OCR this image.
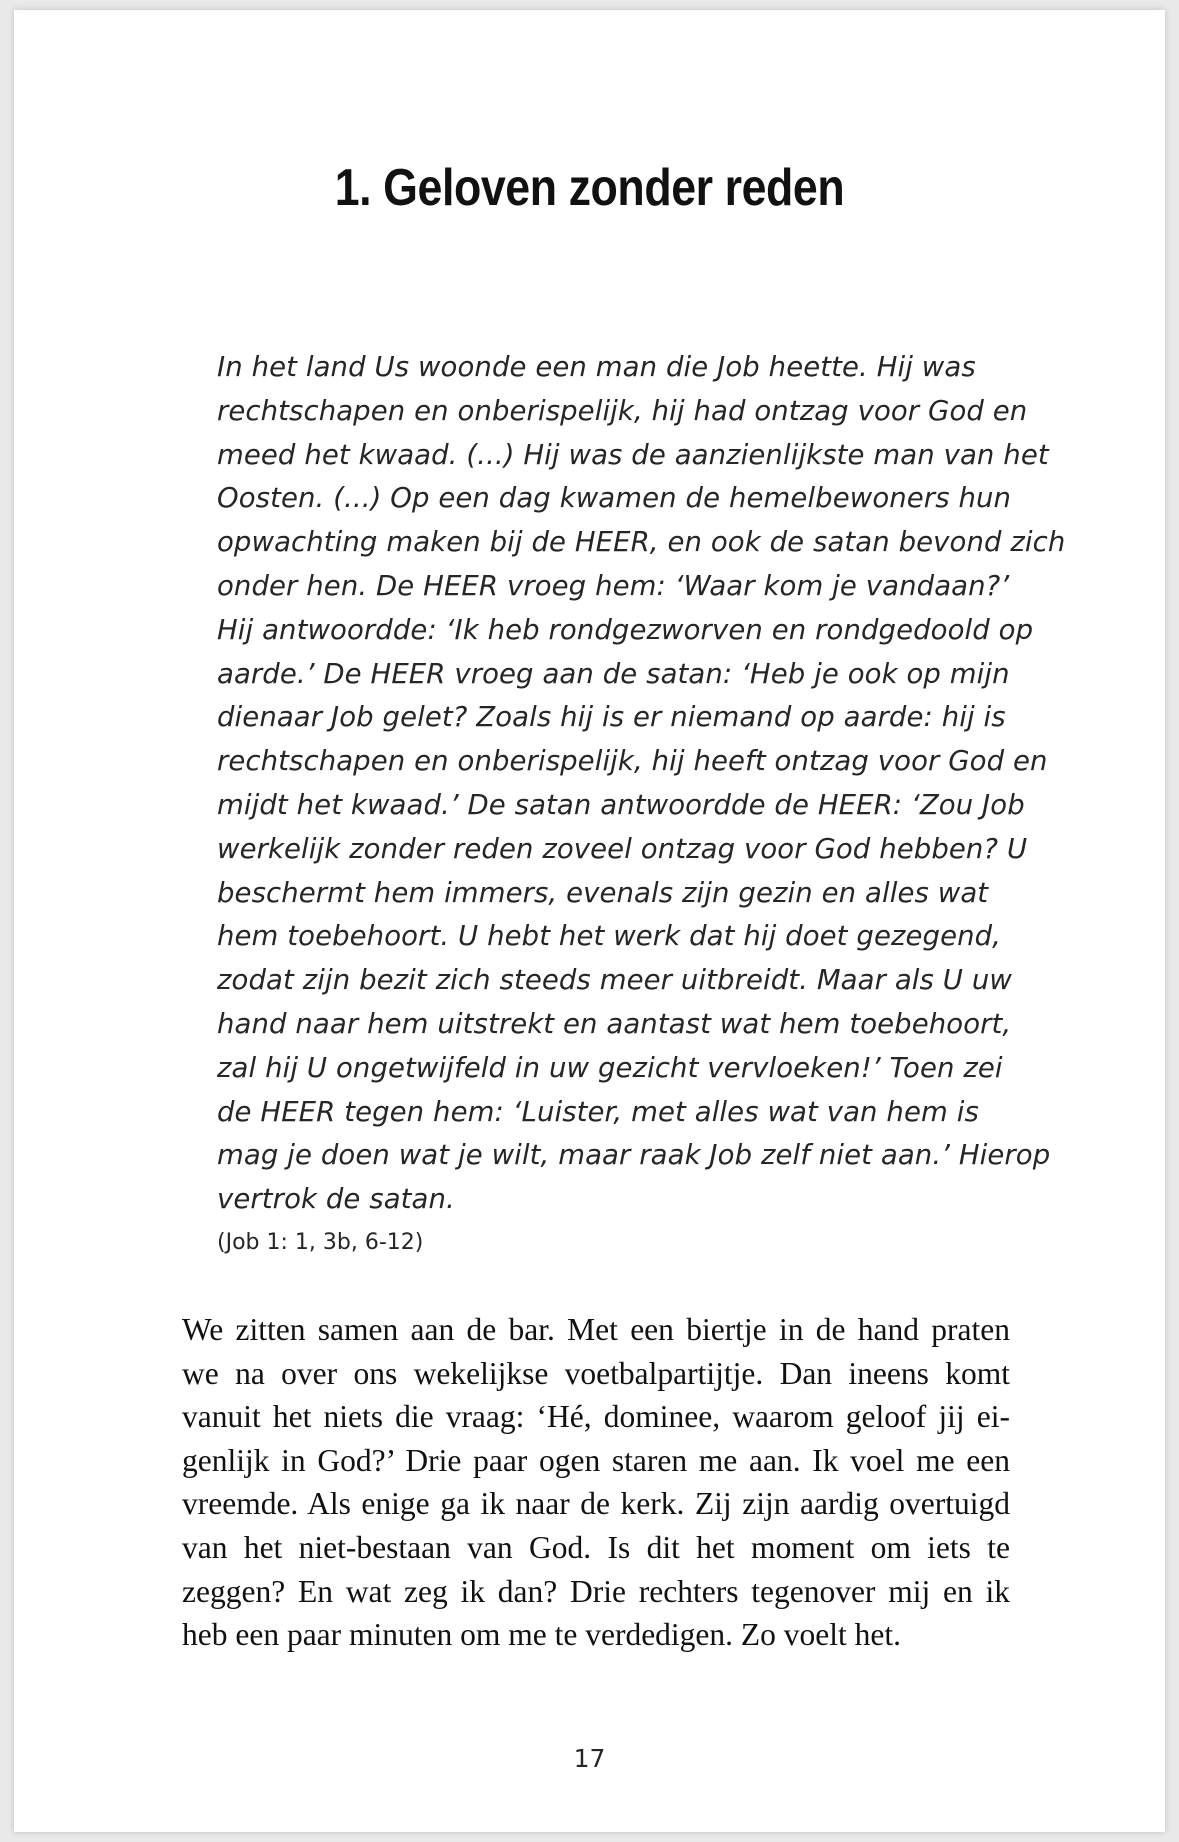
1. Geloven zonder reden
In het land Us woonde een man die Job heette. Hij was
rechtschapen en onberispelijk, hij had ontzag voor God en
meed het kwaad. (...) Hij was de aanzienlijkste man van het
Oosten. (...) Op een dag kwamen de hemelbewoners hun
opwachting maken bij de HEER, en ook de satan bevond zich
onder hen. De HEER vroeg hem: ‘Waar kom je vandaan?’
Hij antwoordde: ‘Ik heb rondgezworven en rondgedoold op
aarde.’ De HEER vroeg aan de satan: ‘Heb je ook op mijn
dienaar Job gelet? Zoals hij is er niemand op aarde: hij is
rechtschapen en onberispelijk, hij heeft ontzag voor God en
mijdt het kwaad.’ De satan antwoordde de HEER: ‘Zou Job
werkelijk zonder reden zoveel ontzag voor God hebben? U
beschermt hem immers, evenals zijn gezin en alles wat
hem toebehoort. U hebt het werk dat hij doet gezegend,
zodat zijn bezit zich steeds meer uitbreidt. Maar als U uw
hand naar hem uitstrekt en aantast wat hem toebehoort,
zal hij U ongetwijfeld in uw gezicht vervloeken!’ Toen zei
de HEER tegen hem: ‘Luister, met alles wat van hem is
mag je doen wat je wilt, maar raak Job zelf niet aan.’ Hierop
vertrok de satan.
(Job 1: 1, 3b, 6-12)
We zitten samen aan de bar. Met een biertje in de hand praten
we na over ons wekelijkse voetbalpartijtje. Dan ineens komt
vanuit het niets die vraag: ‘Hé, dominee, waarom geloof jij ei-
genlijk in God?’ Drie paar ogen staren me aan. Ik voel me een
vreemde. Als enige ga ik naar de kerk. Zij zijn aardig overtuigd
van het niet-bestaan van God. Is dit het moment om iets te
zeggen? En wat zeg ik dan? Drie rechters tegenover mij en ik
heb een paar minuten om me te verdedigen. Zo voelt het.
17
